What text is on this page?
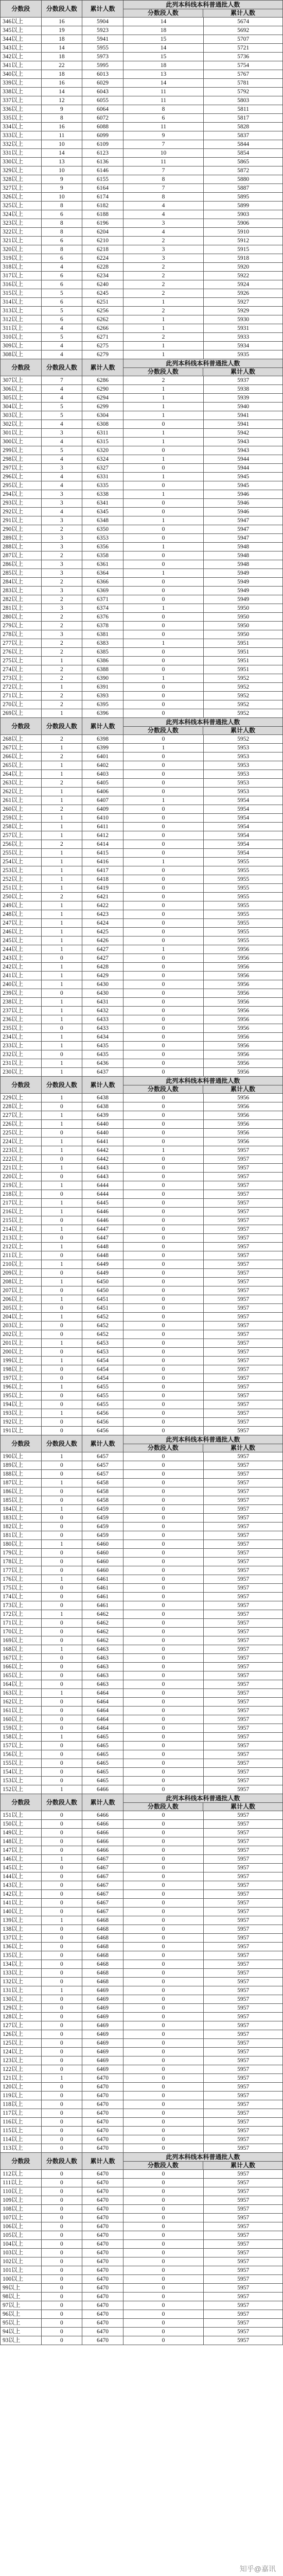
分数段	分数段人数	累计人数	此列本科线本科普通批人数
分数段人数 累计人数	

346以上	16	5904	14	5674
345以上	19	5923	18	5692
344以上	18	5941	15	5707
343以上	14	5955	14	5721
342以上	18	5973	15	5736
341以上	22	5995	18	5754
340以上	18	6013	13	5767
339以上	16	6029	14	5781
338以上	14	6043	11	5792
337以上	12	6055	11	5803
336以上	9	6064	8	5811
335以上	8	6072	6	5817
334以上	16	6088	11	5828
333以上	11	6099	9	5837
332以上	10	6109	7	5844
331以上	14	6123	10	5854
330以上	13	6136	11	5865
329以上	10	6146	7	5872
328以上	9	6155	8	5880
327以上	9	6164	7	5887
326以上	10	6174	8	5895
325以上	8	6182	4	5899
324以上	6	6188	4	5903
323以上	8	6196	3	5906
322以上	8	6204	4	5910
321以上	6	6210	2	5912
320以上	8	6218	3	5915
319以上	6	6224	3	5918
318以上	4	6228	2	5920
317以上	6	6234	2	5922
316以上	6	6240	2	5924
315以上	5	6245	2	5926
314以上	6	6251	1	5927
313以上	5	6256	2	5929
312以上	6	6262	1	5930
311以上	4	6266	1	5931
310以上	5	6271	2	5933
309以上	4	6275	1	5934
308以上	4	6279	1	5935
分数段	分数段人数	累计人数	此列本科线本科普通批人数
分数段人数 累计人数	

307以上	7	6286	2	5937
306以上	4	6290	1	5938
305以上	4	6294	1	5939
304以上	5	6299	1	5940
303以上	5	6304	1	5941
302以上	4	6308	0	5941
301以上	3	6311	1	5942
300以上	4	6315	1	5943
299以上	5	6320	0	5943
298以上	4	6324	1	5944
297以上	3	6327	0	5944
296以上	4	6331	1	5945
295以上	4	6335	0	5945
294以上	3	6338	1	5946
293以上	3	6341	0	5946
292以上	4	6345	0	5946
291以上	3	6348	1	5947
290以上	2	6350	0	5947
289以上	3	6353	0	5947
288以上	3	6356	1	5948
287以上	2	6358	0	5948
286以上	3	6361	0	5948
285以上	3	6364	1	5949
284以上	2	6366	0	5949
283以上	3	6369	0	5949
282以上	2	6371	0	5949
281以上	3	6374	1	5950
280以上	2	6376	0	5950
279以上	2	6378	0	5950
278以上	3	6381	0	5950
277以上	2	6383	1	5951
276以上	2	6385	0	5951
275以上	1	6386	0	5951
274以上	2	6388	0	5951
273以上	2	6390	1	5952
272以上	1	6391	0	5952
271以上	2	6393	0	5952
270以上	2	6395	0	5952
269以上	1	6396	0	5952
分数段	分数段人数	累计人数	此列本科线本科普通批人数
分数段人数 累计人数	

268以上	2	6398	0	5952
267以上	1	6399	1	5953
266以上	2	6401	0	5953
265以上	1	6402	0	5953
264以上	1	6403	0	5953
263以上	2	6405	0	5953
262以上	1	6406	0	5953
261以上	1	6407	1	5954
260以上	2	6409	0	5954
259以上	1	6410	0	5954
258以上	1	6411	0	5954
257以上	1	6412	0	5954
256以上	2	6414	0	5954
255以上	1	6415	0	5954
254以上	1	6416	1	5955
253以上	1	6417	0	5955
252以上	1	6418	0	5955
251以上	1	6419	0	5955
250以上	2	6421	0	5955
249以上	1	6422	0	5955
248以上	1	6423	0	5955
247以上	1	6424	0	5955
246以上	1	6425	0	5955
245以上	1	6426	0	5955
244以上	1	6427	1	5956
243以上	0	6427	0	5956
242以上	1	6428	0	5956
241以上	1	6429	0	5956
240以上	1	6430	0	5956
239以上	0	6430	0	5956
238以上	1	6431	0	5956
237以上	1	6432	0	5956
236以上	1	6433	0	5956
235以上	0	6433	0	5956
234以上	1	6434	0	5956
233以上	1	6435	0	5956
232以上	0	6435	0	5956
231以上	1	6436	0	5956
230以上	1	6437	0	5956
分数段	分数段人数	累计人数	此列本科线本科普通批人数
分数段人数 累计人数	

229以上	1	6438	0	5956
228以上	0	6438	0	5956
227以上	1	6439	0	5956
226以上	1	6440	0	5956
225以上	0	6440	0	5956
224以上	1	6441	0	5956
223以上	1	6442	1	5957
222以上	0	6442	0	5957
221以上	1	6443	0	5957
220以上	0	6443	0	5957
219以上	1	6444	0	5957
218以上	0	6444	0	5957
217以上	1	6445	0	5957
216以上	1	6446	0	5957
215以上	0	6446	0	5957
214以上	1	6447	0	5957
213以上	0	6447	0	5957
212以上	1	6448	0	5957
211以上	0	6448	0	5957
210以上	1	6449	0	5957
209以上	0	6449	0	5957
208以上	1	6450	0	5957
207以上	0	6450	0	5957
206以上	1	6451	0	5957
205以上	0	6451	0	5957
204以上	1	6452	0	5957
203以上	0	6452	0	5957
202以上	0	6452	0	5957
201以上	1	6453	0	5957
200以上	0	6453	0	5957
199以上	1	6454	0	5957
198以上	0	6454	0	5957
197以上	0	6454	0	5957
196以上	1	6455	0	5957
195以上	0	6455	0	5957
194以上	0	6455	0	5957
193以上	1	6456	0	5957
192以上	0	6456	0	5957
191以上	0	6456	0	5957
分数段	分数段人数	累计人数	此列本科线本科普通批人数
分数段人数 累计人数	

190以上	1	6457	0	5957
189以上	0	6457	0	5957
188以上	0	6457	0	5957
187以上	1	6458	0	5957
186以上	0	6458	0	5957
185以上	0	6458	0	5957
184以上	1	6459	0	5957
183以上	0	6459	0	5957
182以上	0	6459	0	5957
181以上	0	6459	0	5957
180以上	1	6460	0	5957
179以上	0	6460	0	5957
178以上	0	6460	0	5957
177以上	0	6460	0	5957
176以上	1	6461	0	5957
175以上	0	6461	0	5957
174以上	0	6461	0	5957
173以上	0	6461	0	5957
172以上	1	6462	0	5957
171以上	0	6462	0	5957
170以上	0	6462	0	5957
169以上	0	6462	0	5957
168以上	1	6463	0	5957
167以上	0	6463	0	5957
166以上	0	6463	0	5957
165以上	0	6463	0	5957
164以上	0	6463	0	5957
163以上	1	6464	0	5957
162以上	0	6464	0	5957
161以上	0	6464	0	5957
160以上	0	6464	0	5957
159以上	0	6464	0	5957
158以上	1	6465	0	5957
157以上	0	6465	0	5957
156以上	0	6465	0	5957
155以上	0	6465	0	5957
154以上	0	6465	0	5957
153以上	0	6465	0	5957
152以上	1	6466	0	5957
分数段	分数段人数	累计人数	此列本科线本科普通批人数
分数段人数 累计人数	

151以上	0	6466	0	5957
150以上	0	6466	0	5957
149以上	0	6466	0	5957
148以上	0	6466	0	5957
147以上	0	6466	0	5957
146以上	1	6467	0	5957
145以上	0	6467	0	5957
144以上	0	6467	0	5957
143以上	0	6467	0	5957
142以上	0	6467	0	5957
141以上	0	6467	0	5957
140以上	0	6467	0	5957
139以上	1	6468	0	5957
138以上	0	6468	0	5957
137以上	0	6468	0	5957
136以上	0	6468	0	5957
135以上	0	6468	0	5957
134以上	0	6468	0	5957
133以上	0	6468	0	5957
132以上	0	6468	0	5957
131以上	1	6469	0	5957
130以上	0	6469	0	5957
129以上	0	6469	0	5957
128以上	0	6469	0	5957
127以上	0	6469	0	5957
126以上	0	6469	0	5957
125以上	0	6469	0	5957
124以上	0	6469	0	5957
123以上	0	6469	0	5957
122以上	0	6469	0	5957
121以上	1	6470	0	5957
120以上	0	6470	0	5957
119以上	0	6470	0	5957
118以上	0	6470	0	5957
117以上	0	6470	0	5957
116以上	0	6470	0	5957
115以上	0	6470	0	5957
114以上	0	6470	0	5957
113以上	0	6470	0	5957
分数段	分数段人数	累计人数	此列本科线本科普通批人数
分数段人数 累计人数	

112以上	0	6470	0	5957
111以上	0	6470	0	5957
110以上	0	6470	0	5957
109以上	0	6470	0	5957
108以上	0	6470	0	5957
107以上	0	6470	0	5957
106以上	0	6470	0	5957
105以上	0	6470	0	5957
104以上	0	6470	0	5957
103以上	0	6470	0	5957
102以上	0	6470	0	5957
101以上	0	6470	0	5957
100以上	0	6470	0	5957
99以上	0	6470	0	5957
98以上	0	6470	0	5957
97以上	0	6470	0	5957
96以上	0	6470	0	5957
95以上	0	6470	0	5957
94以上	0	6470	0	5957
93以上	0	6470	0	5957
知乎@嘉讯
